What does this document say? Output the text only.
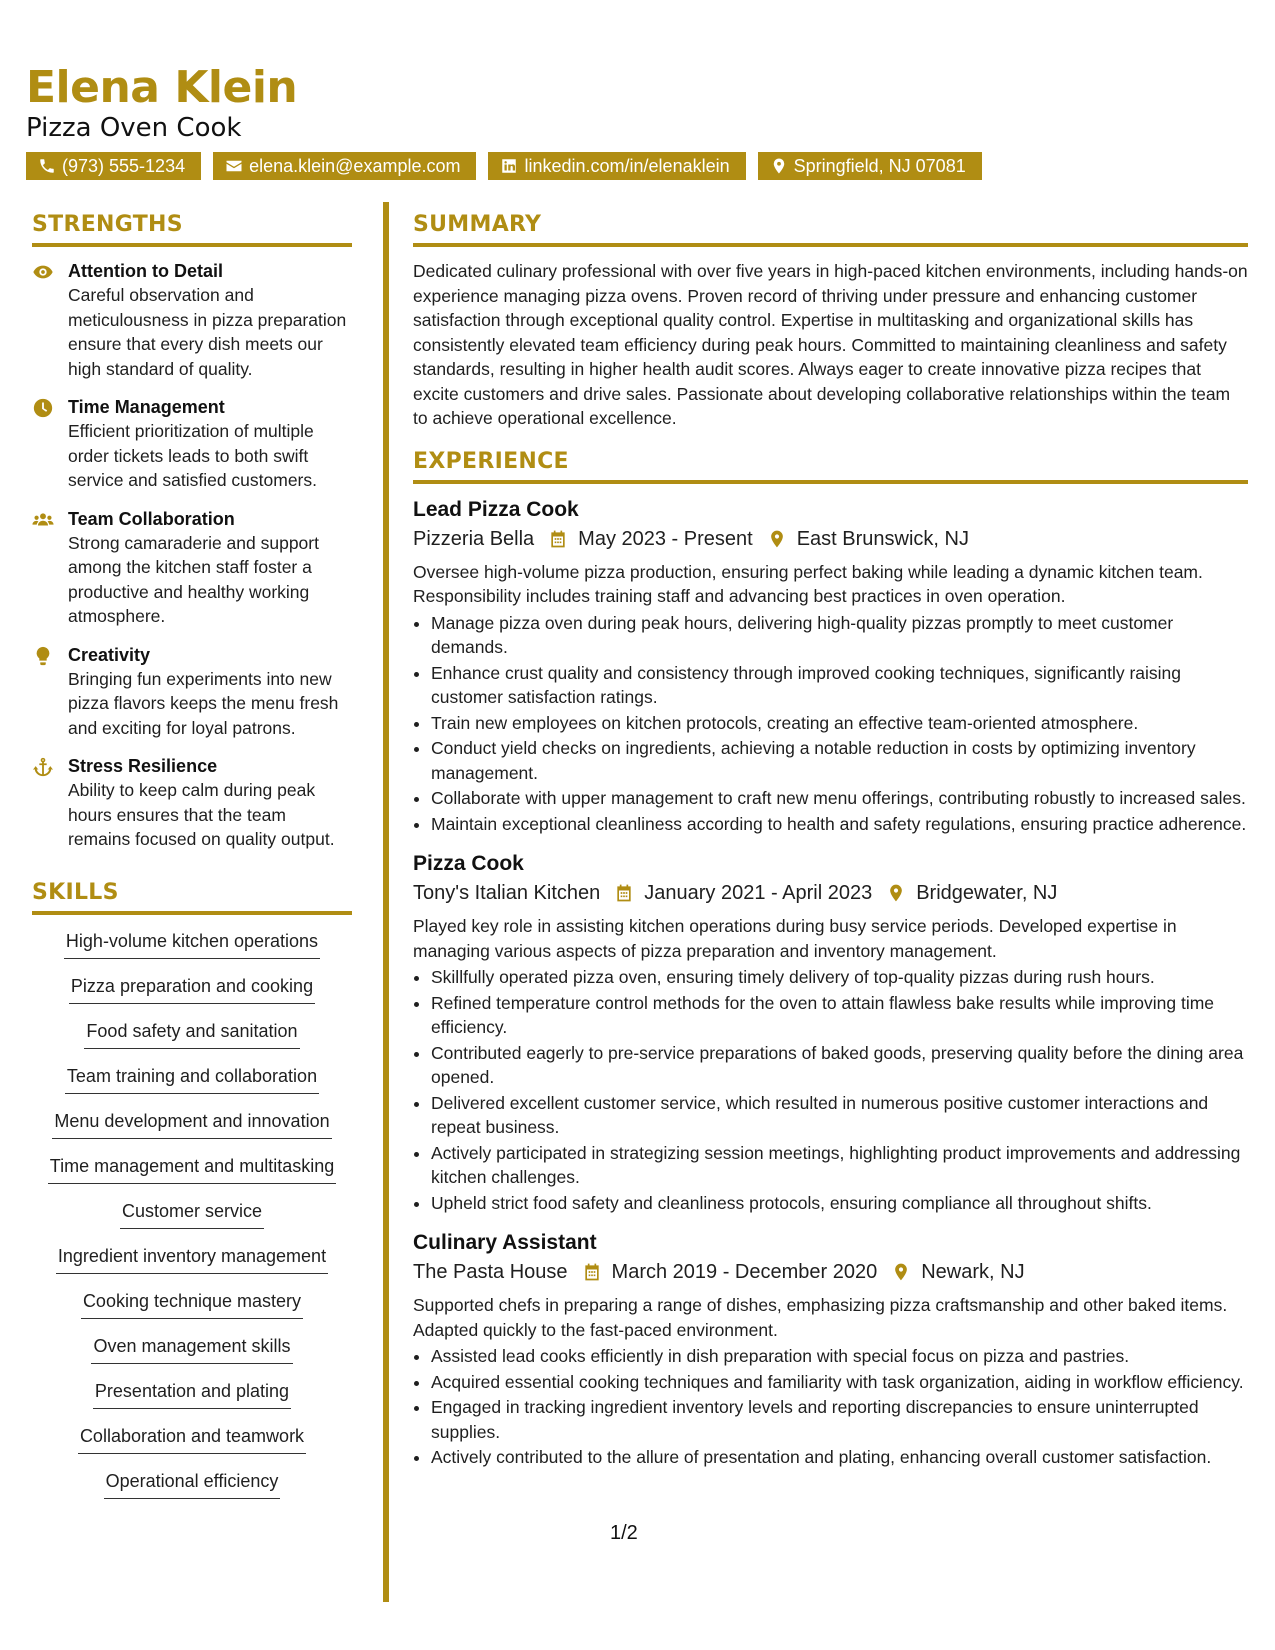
Elena Klein
Pizza Oven Cook
(973) 555-1234	elena.klein@example.com	linkedin.com/in/elenaklein	Springfield, NJ 07081
STRENGTHS
Attention to Detail
Careful observation and meticulousness in pizza preparation ensure that every dish meets our high standard of quality.
Time Management
Efficient prioritization of multiple order tickets leads to both swift service and satisfied customers.
Team Collaboration
Strong camaraderie and support among the kitchen staff foster a productive and healthy working atmosphere.
Creativity
Bringing fun experiments into new pizza flavors keeps the menu fresh and exciting for loyal patrons.
Stress Resilience
Ability to keep calm during peak hours ensures that the team remains focused on quality output.
SKILLS
High-volume kitchen operations
Pizza preparation and cooking
Food safety and sanitation
Team training and collaboration
Menu development and innovation
Time management and multitasking
Customer service
Ingredient inventory management
Cooking technique mastery
Oven management skills
Presentation and plating
Collaboration and teamwork
Operational efficiency
SUMMARY
Dedicated culinary professional with over five years in high-paced kitchen environments, including hands-on experience managing pizza ovens. Proven record of thriving under pressure and enhancing customer satisfaction through exceptional quality control. Expertise in multitasking and organizational skills has consistently elevated team efficiency during peak hours. Committed to maintaining cleanliness and safety standards, resulting in higher health audit scores. Always eager to create innovative pizza recipes that excite customers and drive sales. Passionate about developing collaborative relationships within the team to achieve operational excellence.
EXPERIENCE
Lead Pizza Cook
Pizzeria Bella May 2023 - Present East Brunswick, NJ
Oversee high-volume pizza production, ensuring perfect baking while leading a dynamic kitchen team. Responsibility includes training staff and advancing best practices in oven operation.
• Manage pizza oven during peak hours, delivering high-quality pizzas promptly to meet customer demands.
• Enhance crust quality and consistency through improved cooking techniques, significantly raising customer satisfaction ratings.
• Train new employees on kitchen protocols, creating an effective team-oriented atmosphere.
• Conduct yield checks on ingredients, achieving a notable reduction in costs by optimizing inventory management.
• Collaborate with upper management to craft new menu offerings, contributing robustly to increased sales.
• Maintain exceptional cleanliness according to health and safety regulations, ensuring practice adherence.
Pizza Cook
Tony's Italian Kitchen January 2021 - April 2023 Bridgewater, NJ
Played key role in assisting kitchen operations during busy service periods. Developed expertise in managing various aspects of pizza preparation and inventory management.
• Skillfully operated pizza oven, ensuring timely delivery of top-quality pizzas during rush hours.
• Refined temperature control methods for the oven to attain flawless bake results while improving time efficiency.
• Contributed eagerly to pre-service preparations of baked goods, preserving quality before the dining area opened.
• Delivered excellent customer service, which resulted in numerous positive customer interactions and repeat business.
• Actively participated in strategizing session meetings, highlighting product improvements and addressing kitchen challenges.
• Upheld strict food safety and cleanliness protocols, ensuring compliance all throughout shifts.
Culinary Assistant
The Pasta House March 2019 - December 2020 Newark, NJ
Supported chefs in preparing a range of dishes, emphasizing pizza craftsmanship and other baked items. Adapted quickly to the fast-paced environment.
• Assisted lead cooks efficiently in dish preparation with special focus on pizza and pastries.
• Acquired essential cooking techniques and familiarity with task organization, aiding in workflow efficiency.
• Engaged in tracking ingredient inventory levels and reporting discrepancies to ensure uninterrupted supplies.
• Actively contributed to the allure of presentation and plating, enhancing overall customer satisfaction.
1/2
